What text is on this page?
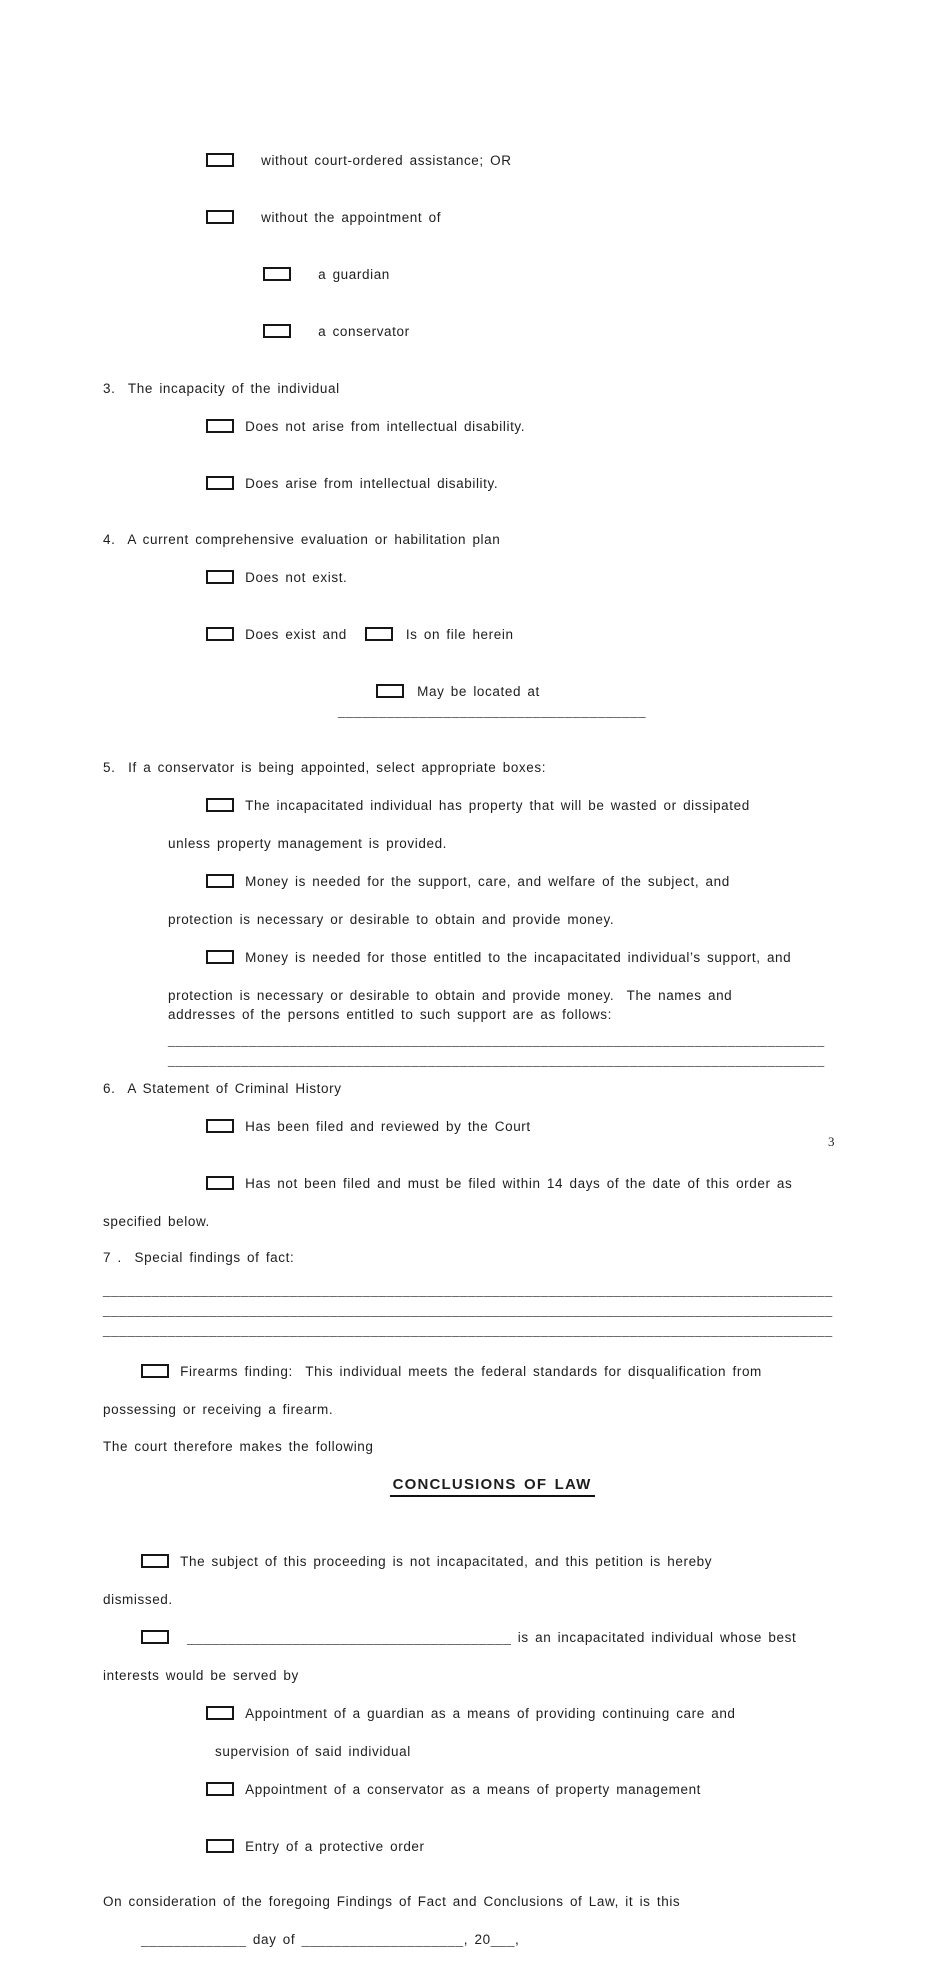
without court-ordered assistance; OR

without the appointment of

a guardian

a conservator

3.  The incapacity of the individual

Does not arise from intellectual disability.

Does arise from intellectual disability.

4.  A current comprehensive evaluation or habilitation plan

Does not exist.

Does exist and	Is on file herein

May be located at ______________________________________

5.  If a conservator is being appointed, select appropriate boxes:

The incapacitated individual has property that will be wasted or dissipated

unless property management is provided.

Money is needed for the support, care, and welfare of the subject, and

protection is necessary or desirable to obtain and provide money.

Money is needed for those entitled to the incapacitated individual’s support, and

protection is necessary or desirable to obtain and provide money.  The names and
addresses of the persons entitled to such support are as follows:
_________________________________________________________________________________
_________________________________________________________________________________
6.  A Statement of Criminal History

Has been filed and reviewed by the Court

Has not been filed and must be filed within 14 days of the date of this order as

specified below.
7 .  Special findings of fact:
__________________________________________________________________________________________
__________________________________________________________________________________________
__________________________________________________________________________________________

Firearms finding:  This individual meets the federal standards for disqualification from

possessing or receiving a firearm.
The court therefore makes the following

CONCLUSIONS OF LAW

The subject of this proceeding is not incapacitated, and this petition is hereby

dismissed.

________________________________________ is an incapacitated individual whose best

interests would be served by

Appointment of a guardian as a means of providing continuing care and

supervision of said individual

Appointment of a conservator as a means of property management

Entry of a protective order

On consideration of the foregoing Findings of Fact and Conclusions of Law, it is this

_____________ day of ____________________, 20___,

3
